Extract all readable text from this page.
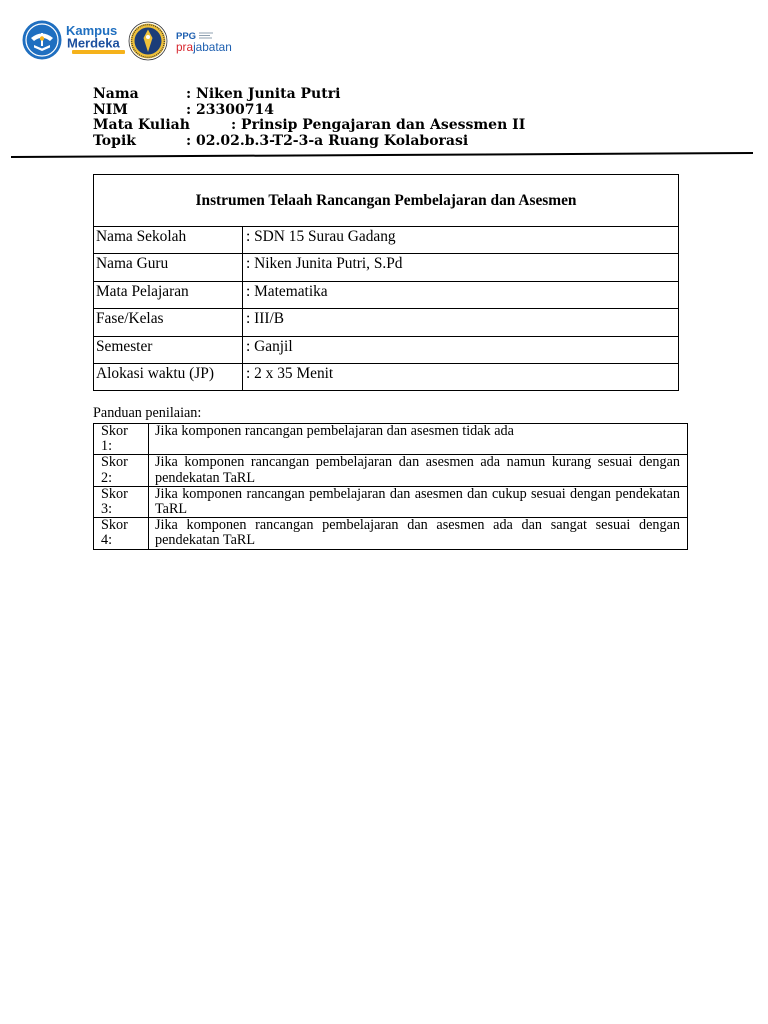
Kampus
Merdeka	PPG
prajabatan
Nama	: Niken Junita Putri
NIM	: 23300714
Mata Kuliah	: Prinsip Pengajaran dan Asessmen II
Topik	: 02.02.b.3-T2-3-a Ruang Kolaborasi
Instrumen Telaah Rancangan Pembelajaran dan Asesmen	
Nama Sekolah	: SDN 15 Surau Gadang
Nama Guru	: Niken Junita Putri, S.Pd
Mata Pelajaran	: Matematika
Fase/Kelas	: III/B
Semester	: Ganjil
Alokasi waktu (JP)	: 2 x 35 Menit
Panduan penilaian:
Skor 1:	Jika komponen rancangan pembelajaran dan asesmen tidak ada
Skor 2:	Jika komponen rancangan pembelajaran dan asesmen ada namun kurang sesuai dengan pendekatan TaRL
Skor 3:	Jika komponen rancangan pembelajaran dan asesmen dan cukup sesuai dengan pendekatan TaRL
Skor 4:	Jika komponen rancangan pembelajaran dan asesmen ada dan sangat sesuai dengan pendekatan TaRL
